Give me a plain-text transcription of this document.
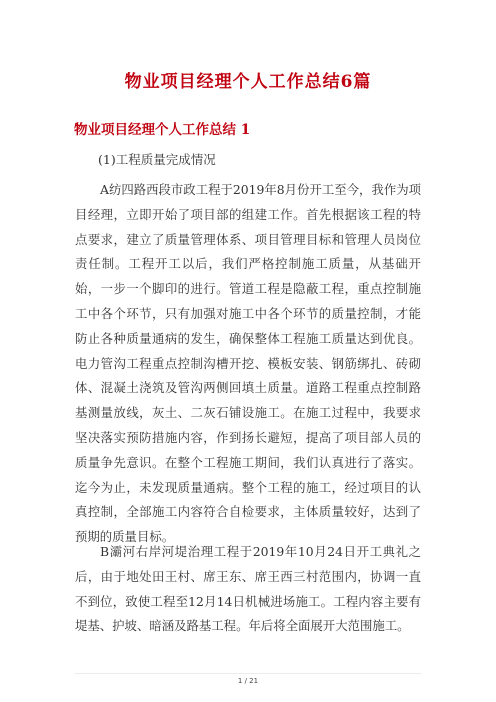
物业项目经理个人工作总结6篇
物业项目经理个人工作总结 1
(1)工程质量完成情况

A纺四路西段市政工程于2019年8月份开工至今，我作为项目经理，立即开始了项目部的组建工作。首先根据该工程的特点要求，建立了质量管理体系、项目管理目标和管理人员岗位责任制。工程开工以后，我们严格控制施工质量，从基础开始，一步一个脚印的进行。管道工程是隐蔽工程，重点控制施工中各个环节，只有加强对施工中各个环节的质量控制，才能防止各种质量通病的发生，确保整体工程施工质量达到优良。电力管沟工程重点控制沟槽开挖、模板安装、钢筋绑扎、砖砌体、混凝土浇筑及管沟两侧回填土质量。道路工程重点控制路基测量放线，灰土、二灰石铺设施工。在施工过程中，我要求坚决落实预防措施内容，作到扬长避短，提高了项目部人员的质量争先意识。在整个工程施工期间，我们认真进行了落实。迄今为止，未发现质量通病。整个工程的施工，经过项目的认真控制，全部施工内容符合自检要求，主体质量较好，达到了预期的质量目标。

B灞河右岸河堤治理工程于2019年10月24日开工典礼之后，由于地处田王村、席王东、席王西三村范围内，协调一直不到位，致使工程至12月14日机械进场施工。工程内容主要有堤基、护坡、暗涵及路基工程。年后将全面展开大范围施工。

1 / 21
